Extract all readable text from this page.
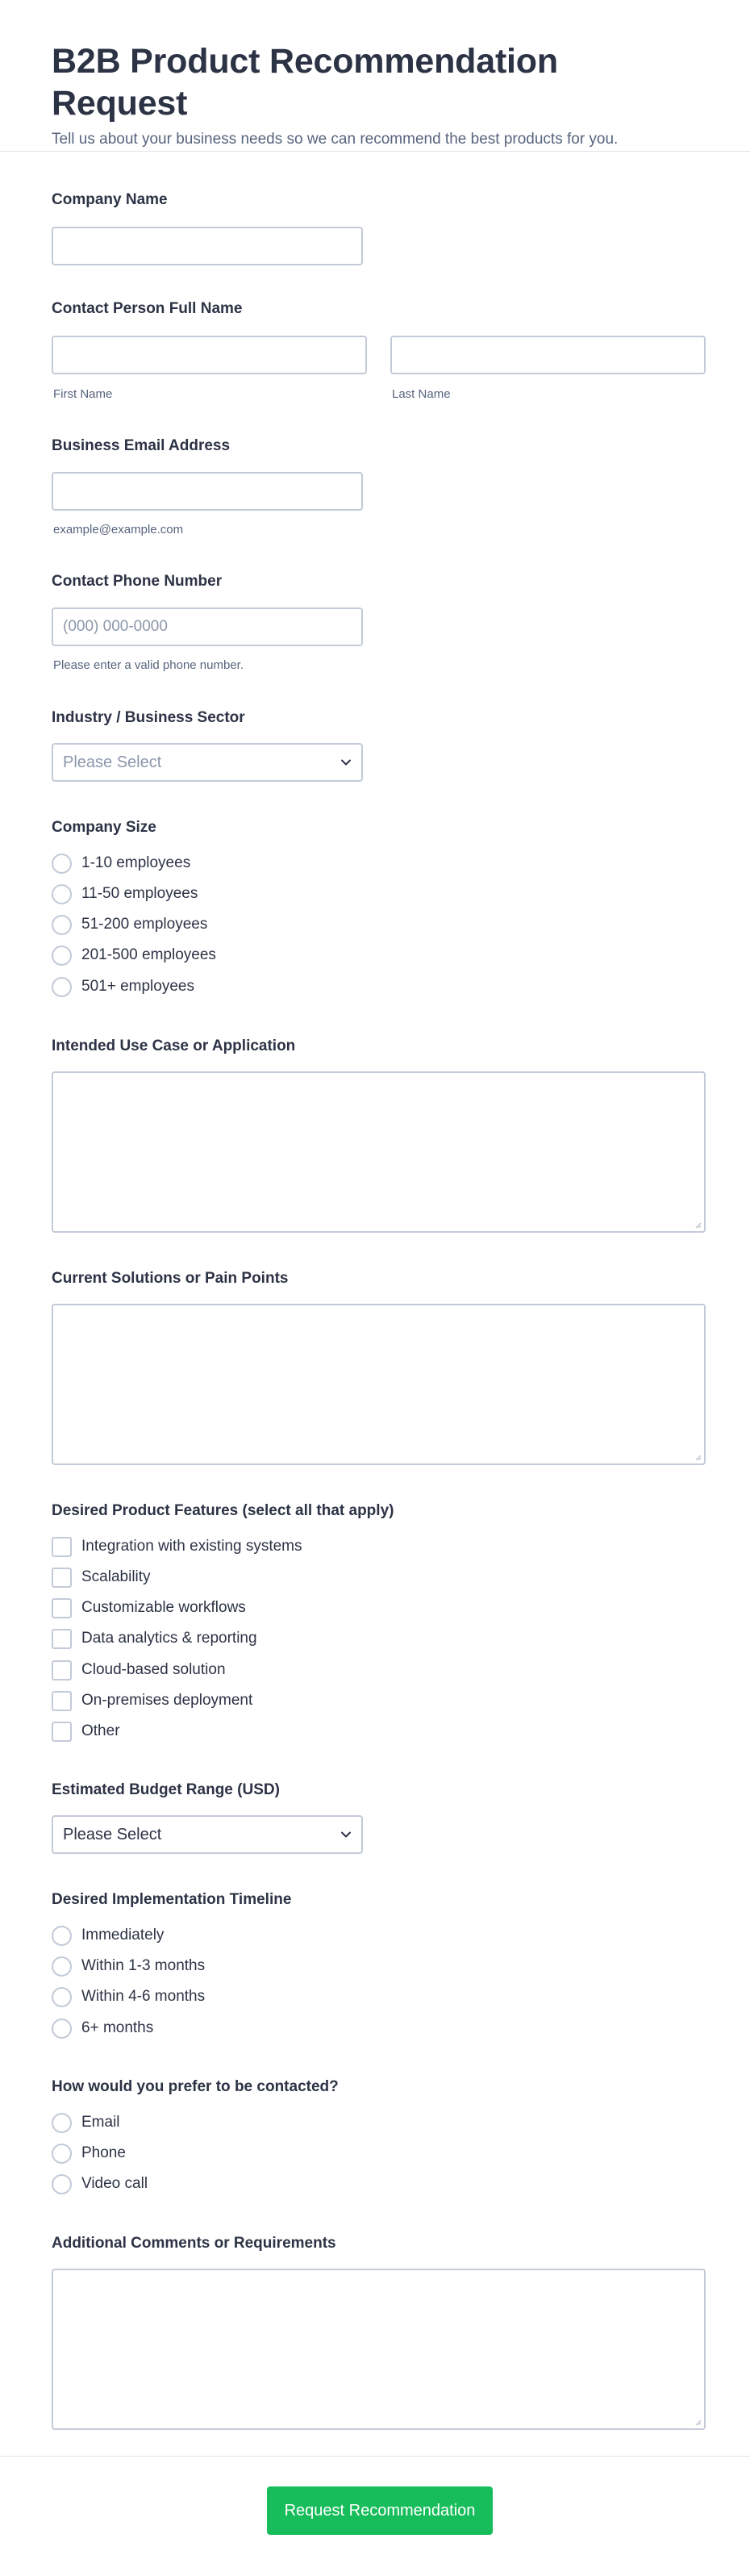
B2B Product Recommendation Request

Tell us about your business needs so we can recommend the best products for you.

Company Name
Contact Person Full Name
First Name	Last Name
Business Email Address
example@example.com
Contact Phone Number
(000) 000-0000
Please enter a valid phone number.
Industry / Business Sector
Please Select
Company Size
1-10 employees
11-50 employees
51-200 employees
201-500 employees
501+ employees
Intended Use Case or Application
Current Solutions or Pain Points
Desired Product Features (select all that apply)
Integration with existing systems
Scalability
Customizable workflows
Data analytics & reporting
Cloud-based solution
On-premises deployment
Other
Estimated Budget Range (USD)
Please Select
Desired Implementation Timeline
Immediately
Within 1-3 months
Within 4-6 months
6+ months
How would you prefer to be contacted?
Email
Phone
Video call
Additional Comments or Requirements
Request Recommendation
